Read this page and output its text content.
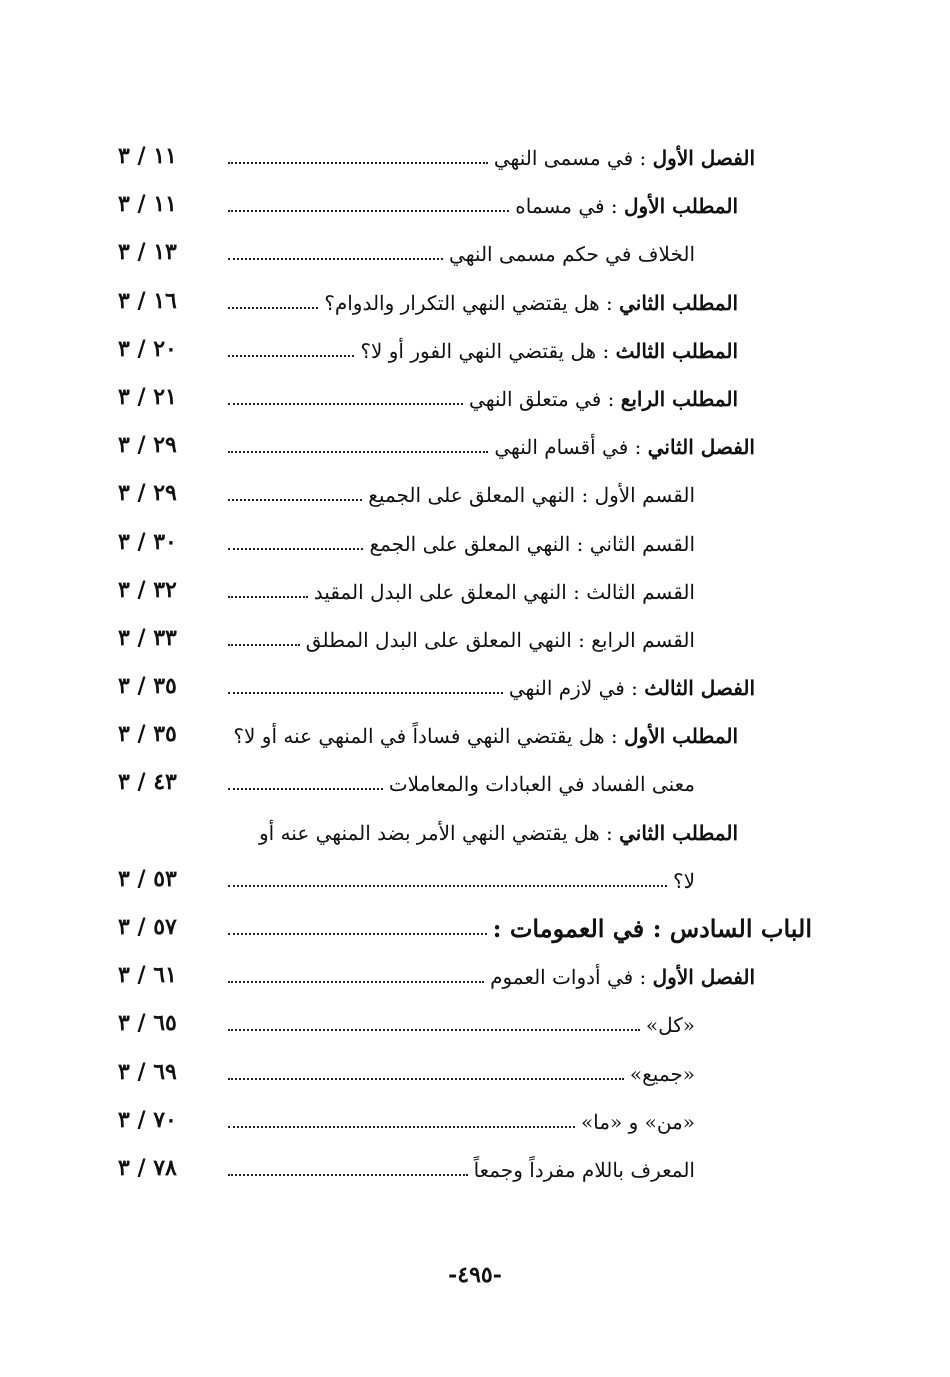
١١ / ٣	الفصل الأول : في مسمى النهي
١١ / ٣	المطلب الأول : في مسماه
١٣ / ٣	الخلاف في حكم مسمى النهي
١٦ / ٣	المطلب الثاني : هل يقتضي النهي التكرار والدوام؟
٢٠ / ٣	المطلب الثالث : هل يقتضي النهي الفور أو لا؟
٢١ / ٣	المطلب الرابع : في متعلق النهي
٢٩ / ٣	الفصل الثاني : في أقسام النهي
٢٩ / ٣	القسم الأول : النهي المعلق على الجميع
٣٠ / ٣	القسم الثاني : النهي المعلق على الجمع
٣٢ / ٣	القسم الثالث : النهي المعلق على البدل المقيد
٣٣ / ٣	القسم الرابع : النهي المعلق على البدل المطلق
٣٥ / ٣	الفصل الثالث : في لازم النهي
٣٥ / ٣	المطلب الأول : هل يقتضي النهي فساداً في المنهي عنه أو لا؟
٤٣ / ٣	معنى الفساد في العبادات والمعاملات
المطلب الثاني : هل يقتضي النهي الأمر بضد المنهي عنه أو
٥٣ / ٣	لا؟
٥٧ / ٣	الباب السادس : في العمومات :
٦١ / ٣	الفصل الأول : في أدوات العموم
٦٥ / ٣	«كل»
٦٩ / ٣	«جميع»
٧٠ / ٣	«من» و «ما»
٧٨ / ٣	المعرف باللام مفرداً وجمعاً
-٤٩٥-
